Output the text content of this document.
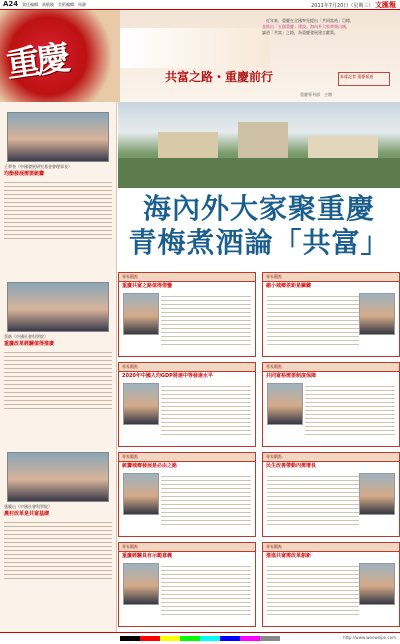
A24 責任編輯：馮敏璇　美術編輯：馬靜	2011年7月20日（星期三） 文匯報
重慶	共富之路・重慶前行
　近年來，重慶在全國率先提出「共同富裕」目標，
並推出「五個重慶」建設。海內外大家齊聚山城，
論道「共富」之路，為重慶發展建言獻策。
本報記者 重慶報道
重慶專刊部　主辦
海內外大家聚重慶
青梅煮酒論「共富」
王夢奎（中國發展研究基金會理事長）
均衡發展需要統籌
蔡昉（中國社會科學院）
重慶改革經驗值得推廣
張曉山（中國社會科學院）
農村改革是共富基礎
專家觀點
重慶共富之路值得借鑒
專家觀點
縮小城鄉差距是關鍵
專家觀點
2020年中國人均GDP將達中等發達水平
專家觀點
共同富裕需要制度保障
專家觀點
統籌城鄉發展是必由之路
專家觀點
民生改善帶動內需增長
專家觀點
重慶經驗具有示範意義
專家觀點
推進共富需改革創新
http://www.wenweipo.com
